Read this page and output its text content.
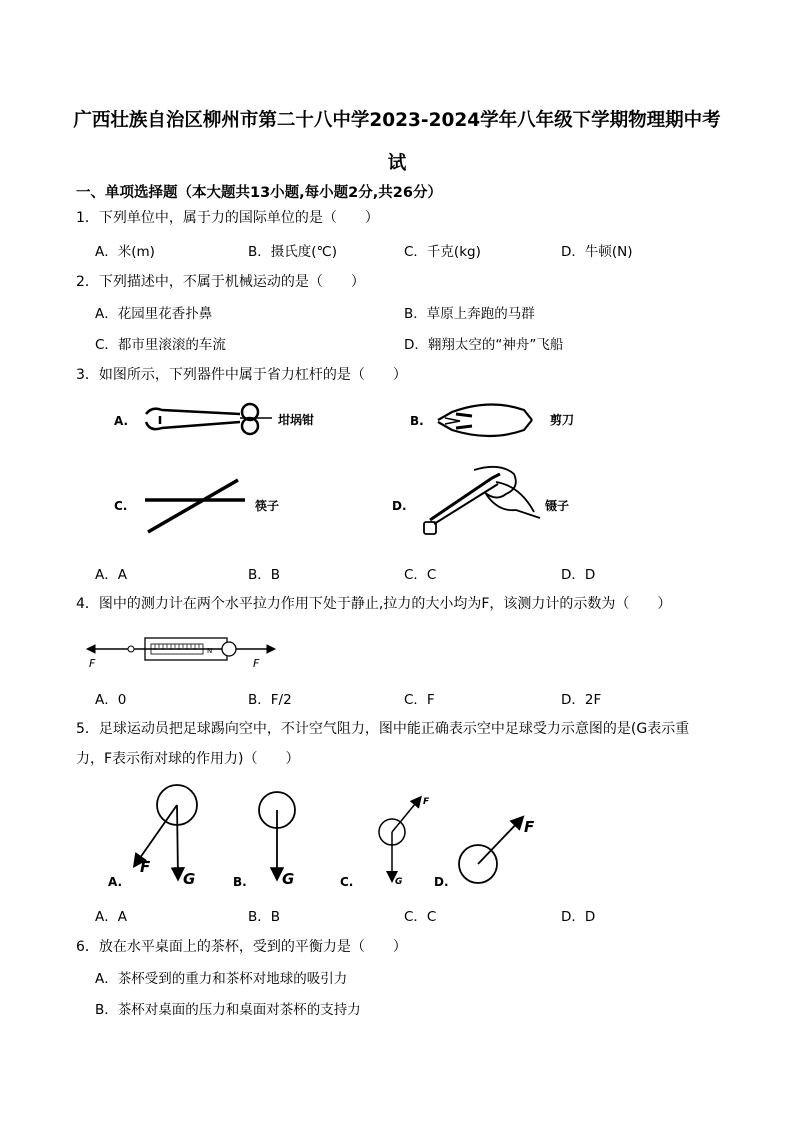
广西壮族自治区柳州市第二十八中学2023-2024学年八年级下学期物理期中考
试
一、单项选择题（本大题共13小题,每小题2分,共26分）
1．下列单位中，属于力的国际单位的是（　　）
A．米(m)	B．摄氏度(℃)	C．千克(kg)	D．牛顿(N)
2．下列描述中，不属于机械运动的是（　　）
A．花园里花香扑鼻	B．草原上奔跑的马群
C．都市里滚滚的车流	D．翱翔太空的“神舟”飞船
3．如图所示，下列器件中属于省力杠杆的是（　　）
A.	坩埚钳	B.	剪刀
C.	筷子	D.	镊子
A．A	B．B	C．C	D．D
4．图中的测力计在两个水平拉力作用下处于静止,拉力的大小均为F，该测力计的示数为（　　）
N
F	F
A．0	B．F/2	C．F	D．2F
5．足球运动员把足球踢向空中，不计空气阻力，图中能正确表示空中足球受力示意图的是(G表示重
力，F表示衔对球的作用力)（　　）
A.
F
G	B. G	C.
F
G	D.
F
A．A	B．B	C．C	D．D
6．放在水平桌面上的茶杯，受到的平衡力是（　　）
A．茶杯受到的重力和茶杯对地球的吸引力
B．茶杯对桌面的压力和桌面对茶杯的支持力
